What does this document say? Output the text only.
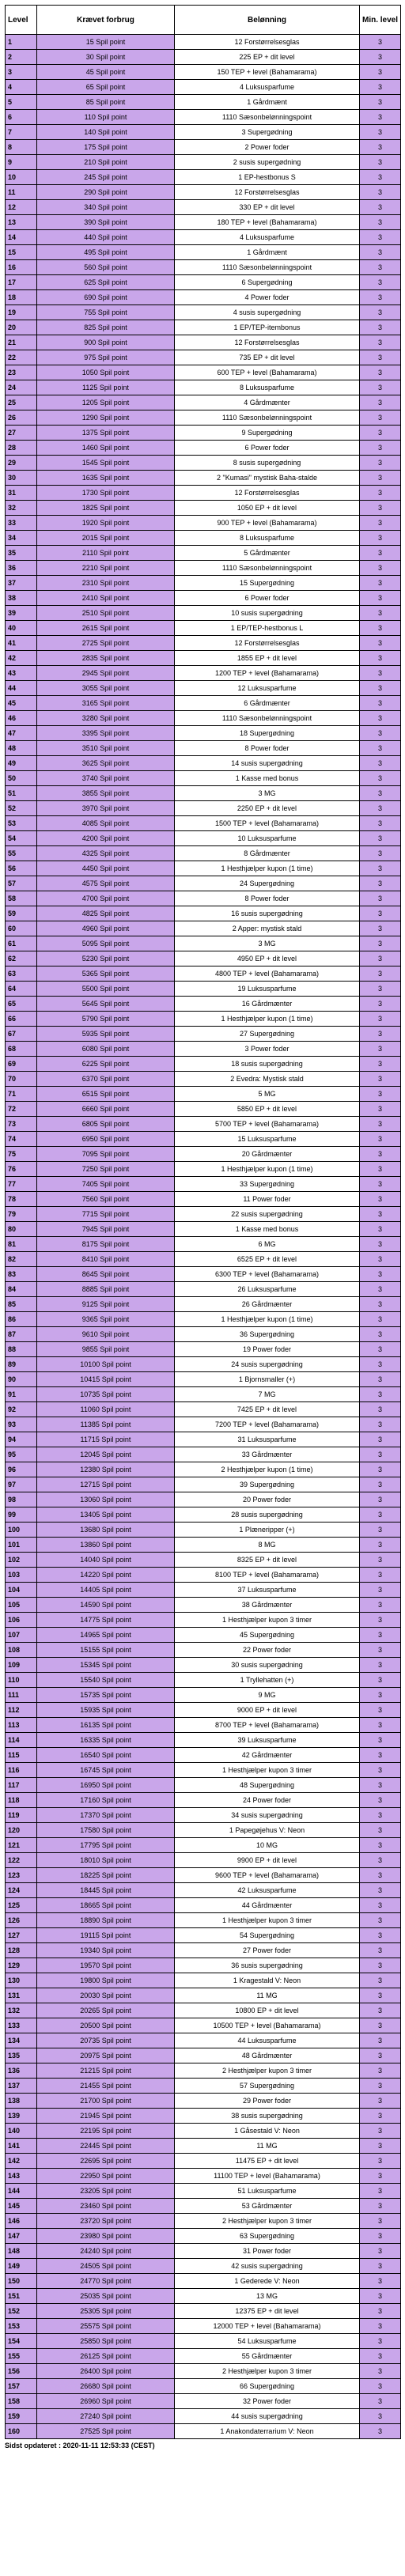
Level	Krævet forbrug	Belønning	Min. level
1	15 Spil point	12 Forstørrelsesglas	3
2	30 Spil point	225 EP + dit level	3
3	45 Spil point	150 TEP + level (Bahamarama)	3
4	65 Spil point	4 Luksusparfume	3
5	85 Spil point	1 Gårdmænt	3
6	110 Spil point	1110 Sæsonbelønningspoint	3
7	140 Spil point	3 Supergødning	3
8	175 Spil point	2 Power foder	3
9	210 Spil point	2 susis supergødning	3
10	245 Spil point	1 EP-hestbonus S	3
11	290 Spil point	12 Forstørrelsesglas	3
12	340 Spil point	330 EP + dit level	3
13	390 Spil point	180 TEP + level (Bahamarama)	3
14	440 Spil point	4 Luksusparfume	3
15	495 Spil point	1 Gårdmænt	3
16	560 Spil point	1110 Sæsonbelønningspoint	3
17	625 Spil point	6 Supergødning	3
18	690 Spil point	4 Power foder	3
19	755 Spil point	4 susis supergødning	3
20	825 Spil point	1 EP/TEP-itembonus	3
21	900 Spil point	12 Forstørrelsesglas	3
22	975 Spil point	735 EP + dit level	3
23	1050 Spil point	600 TEP + level (Bahamarama)	3
24	1125 Spil point	8 Luksusparfume	3
25	1205 Spil point	4 Gårdmænter	3
26	1290 Spil point	1110 Sæsonbelønningspoint	3
27	1375 Spil point	9 Supergødning	3
28	1460 Spil point	6 Power foder	3
29	1545 Spil point	8 susis supergødning	3
30	1635 Spil point	2 "Kumasi" mystisk Baha-stalde	3
31	1730 Spil point	12 Forstørrelsesglas	3
32	1825 Spil point	1050 EP + dit level	3
33	1920 Spil point	900 TEP + level (Bahamarama)	3
34	2015 Spil point	8 Luksusparfume	3
35	2110 Spil point	5 Gårdmænter	3
36	2210 Spil point	1110 Sæsonbelønningspoint	3
37	2310 Spil point	15 Supergødning	3
38	2410 Spil point	6 Power foder	3
39	2510 Spil point	10 susis supergødning	3
40	2615 Spil point	1 EP/TEP-hestbonus L	3
41	2725 Spil point	12 Forstørrelsesglas	3
42	2835 Spil point	1855 EP + dit level	3
43	2945 Spil point	1200 TEP + level (Bahamarama)	3
44	3055 Spil point	12 Luksusparfume	3
45	3165 Spil point	6 Gårdmænter	3
46	3280 Spil point	1110 Sæsonbelønningspoint	3
47	3395 Spil point	18 Supergødning	3
48	3510 Spil point	8 Power foder	3
49	3625 Spil point	14 susis supergødning	3
50	3740 Spil point	1 Kasse med bonus	3
51	3855 Spil point	3 MG	3
52	3970 Spil point	2250 EP + dit level	3
53	4085 Spil point	1500 TEP + level (Bahamarama)	3
54	4200 Spil point	10 Luksusparfume	3
55	4325 Spil point	8 Gårdmænter	3
56	4450 Spil point	1 Hesthjælper kupon (1 time)	3
57	4575 Spil point	24 Supergødning	3
58	4700 Spil point	8 Power foder	3
59	4825 Spil point	16 susis supergødning	3
60	4960 Spil point	2 Apper: mystisk stald	3
61	5095 Spil point	3 MG	3
62	5230 Spil point	4950 EP + dit level	3
63	5365 Spil point	4800 TEP + level (Bahamarama)	3
64	5500 Spil point	19 Luksusparfume	3
65	5645 Spil point	16 Gårdmænter	3
66	5790 Spil point	1 Hesthjælper kupon (1 time)	3
67	5935 Spil point	27 Supergødning	3
68	6080 Spil point	3 Power foder	3
69	6225 Spil point	18 susis supergødning	3
70	6370 Spil point	2 Evedra: Mystisk stald	3
71	6515 Spil point	5 MG	3
72	6660 Spil point	5850 EP + dit level	3
73	6805 Spil point	5700 TEP + level (Bahamarama)	3
74	6950 Spil point	15 Luksusparfume	3
75	7095 Spil point	20 Gårdmænter	3
76	7250 Spil point	1 Hesthjælper kupon (1 time)	3
77	7405 Spil point	33 Supergødning	3
78	7560 Spil point	11 Power foder	3
79	7715 Spil point	22 susis supergødning	3
80	7945 Spil point	1 Kasse med bonus	3
81	8175 Spil point	6 MG	3
82	8410 Spil point	6525 EP + dit level	3
83	8645 Spil point	6300 TEP + level (Bahamarama)	3
84	8885 Spil point	26 Luksusparfume	3
85	9125 Spil point	26 Gårdmænter	3
86	9365 Spil point	1 Hesthjælper kupon (1 time)	3
87	9610 Spil point	36 Supergødning	3
88	9855 Spil point	19 Power foder	3
89	10100 Spil point	24 susis supergødning	3
90	10415 Spil point	1 Bjornsmaller (+)	3
91	10735 Spil point	7 MG	3
92	11060 Spil point	7425 EP + dit level	3
93	11385 Spil point	7200 TEP + level (Bahamarama)	3
94	11715 Spil point	31 Luksusparfume	3
95	12045 Spil point	33 Gårdmænter	3
96	12380 Spil point	2 Hesthjælper kupon (1 time)	3
97	12715 Spil point	39 Supergødning	3
98	13060 Spil point	20 Power foder	3
99	13405 Spil point	28 susis supergødning	3
100	13680 Spil point	1 Plæneripper (+)	3
101	13860 Spil point	8 MG	3
102	14040 Spil point	8325 EP + dit level	3
103	14220 Spil point	8100 TEP + level (Bahamarama)	3
104	14405 Spil point	37 Luksusparfume	3
105	14590 Spil point	38 Gårdmænter	3
106	14775 Spil point	1 Hesthjælper kupon 3 timer	3
107	14965 Spil point	45 Supergødning	3
108	15155 Spil point	22 Power foder	3
109	15345 Spil point	30 susis supergødning	3
110	15540 Spil point	1 Tryllehatten (+)	3
111	15735 Spil point	9 MG	3
112	15935 Spil point	9000 EP + dit level	3
113	16135 Spil point	8700 TEP + level (Bahamarama)	3
114	16335 Spil point	39 Luksusparfume	3
115	16540 Spil point	42 Gårdmænter	3
116	16745 Spil point	1 Hesthjælper kupon 3 timer	3
117	16950 Spil point	48 Supergødning	3
118	17160 Spil point	24 Power foder	3
119	17370 Spil point	34 susis supergødning	3
120	17580 Spil point	1 Papegøjehus V: Neon	3
121	17795 Spil point	10 MG	3
122	18010 Spil point	9900 EP + dit level	3
123	18225 Spil point	9600 TEP + level (Bahamarama)	3
124	18445 Spil point	42 Luksusparfume	3
125	18665 Spil point	44 Gårdmænter	3
126	18890 Spil point	1 Hesthjælper kupon 3 timer	3
127	19115 Spil point	54 Supergødning	3
128	19340 Spil point	27 Power foder	3
129	19570 Spil point	36 susis supergødning	3
130	19800 Spil point	1 Kragestald V: Neon	3
131	20030 Spil point	11 MG	3
132	20265 Spil point	10800 EP + dit level	3
133	20500 Spil point	10500 TEP + level (Bahamarama)	3
134	20735 Spil point	44 Luksusparfume	3
135	20975 Spil point	48 Gårdmænter	3
136	21215 Spil point	2 Hesthjælper kupon 3 timer	3
137	21455 Spil point	57 Supergødning	3
138	21700 Spil point	29 Power foder	3
139	21945 Spil point	38 susis supergødning	3
140	22195 Spil point	1 Gåsestald V: Neon	3
141	22445 Spil point	11 MG	3
142	22695 Spil point	11475 EP + dit level	3
143	22950 Spil point	11100 TEP + level (Bahamarama)	3
144	23205 Spil point	51 Luksusparfume	3
145	23460 Spil point	53 Gårdmænter	3
146	23720 Spil point	2 Hesthjælper kupon 3 timer	3
147	23980 Spil point	63 Supergødning	3
148	24240 Spil point	31 Power foder	3
149	24505 Spil point	42 susis supergødning	3
150	24770 Spil point	1 Gederede V: Neon	3
151	25035 Spil point	13 MG	3
152	25305 Spil point	12375 EP + dit level	3
153	25575 Spil point	12000 TEP + level (Bahamarama)	3
154	25850 Spil point	54 Luksusparfume	3
155	26125 Spil point	55 Gårdmænter	3
156	26400 Spil point	2 Hesthjælper kupon 3 timer	3
157	26680 Spil point	66 Supergødning	3
158	26960 Spil point	32 Power foder	3
159	27240 Spil point	44 susis supergødning	3
160	27525 Spil point	1 Anakondaterrarium V: Neon	3
Sidst opdateret : 2020-11-11 12:53:33 (CEST)
